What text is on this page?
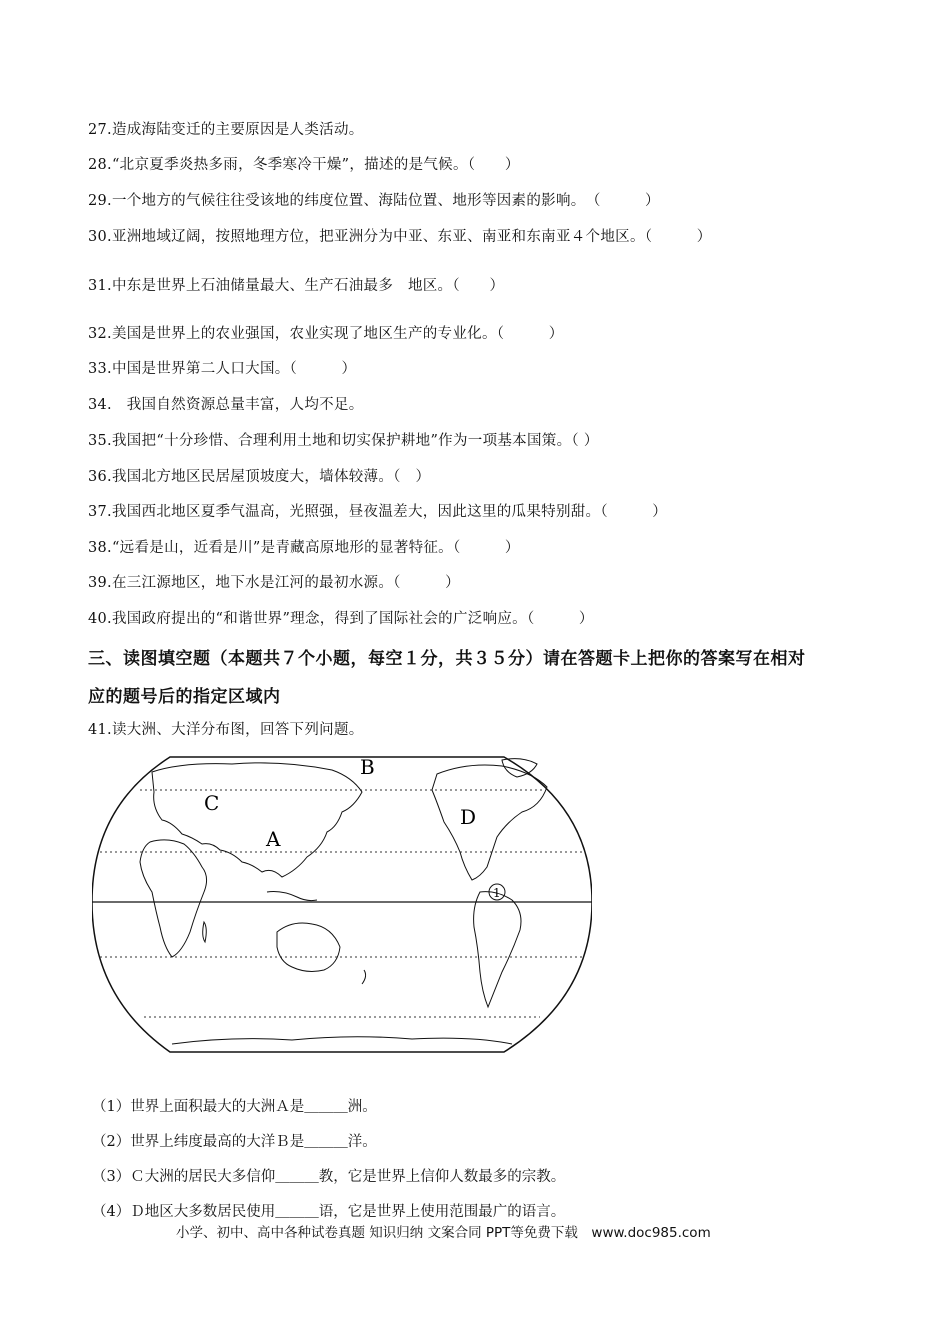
27.造成海陆变迁的主要原因是人类活动。
28.“北京夏季炎热多雨，冬季寒冷干燥”，描述的是气候。（　　）
29.一个地方的气候往往受该地的纬度位置、海陆位置、地形等因素的影响。　（　　　）
30.亚洲地域辽阔，按照地理方位，把亚洲分为中亚、东亚、南亚和东南亚４个地区。（　　　）
31.中东是世界上石油储量最大、生产石油最多　地区。（　　）
32.美国是世界上的农业强国，农业实现了地区生产的专业化。（　　　）
33.中国是世界第二人口大国。（　　　）
34.　我国自然资源总量丰富，人均不足。
35.我国把“十分珍惜、合理利用土地和切实保护耕地”作为一项基本国策。（ ）
36.我国北方地区民居屋顶坡度大，墙体较薄。（　）
37.我国西北地区夏季气温高，光照强，昼夜温差大，因此这里的瓜果特别甜。（　　　）
38.“远看是山，近看是川”是青藏高原地形的显著特征。（　　　）
39.在三江源地区，地下水是江河的最初水源。（　　　）
40.我国政府提出的“和谐世界”理念，得到了国际社会的广泛响应。（　　　）
三、读图填空题（本题共７个小题，每空１分，共３５分）请在答题卡上把你的答案写在相对
应的题号后的指定区域内
41.读大洲、大洋分布图，回答下列问题。
B
C
A
D
1
（1）世界上面积最大的大洲Ａ是＿＿＿洲。
（2）世界上纬度最高的大洋Ｂ是＿＿＿洋。
（3）Ｃ大洲的居民大多信仰＿＿＿教，它是世界上信仰人数最多的宗教。
（4）Ｄ地区大多数居民使用＿＿＿语，它是世界上使用范围最广的语言。
小学、初中、高中各种试卷真题 知识归纳 文案合同 PPT等免费下载　www.doc985.com
